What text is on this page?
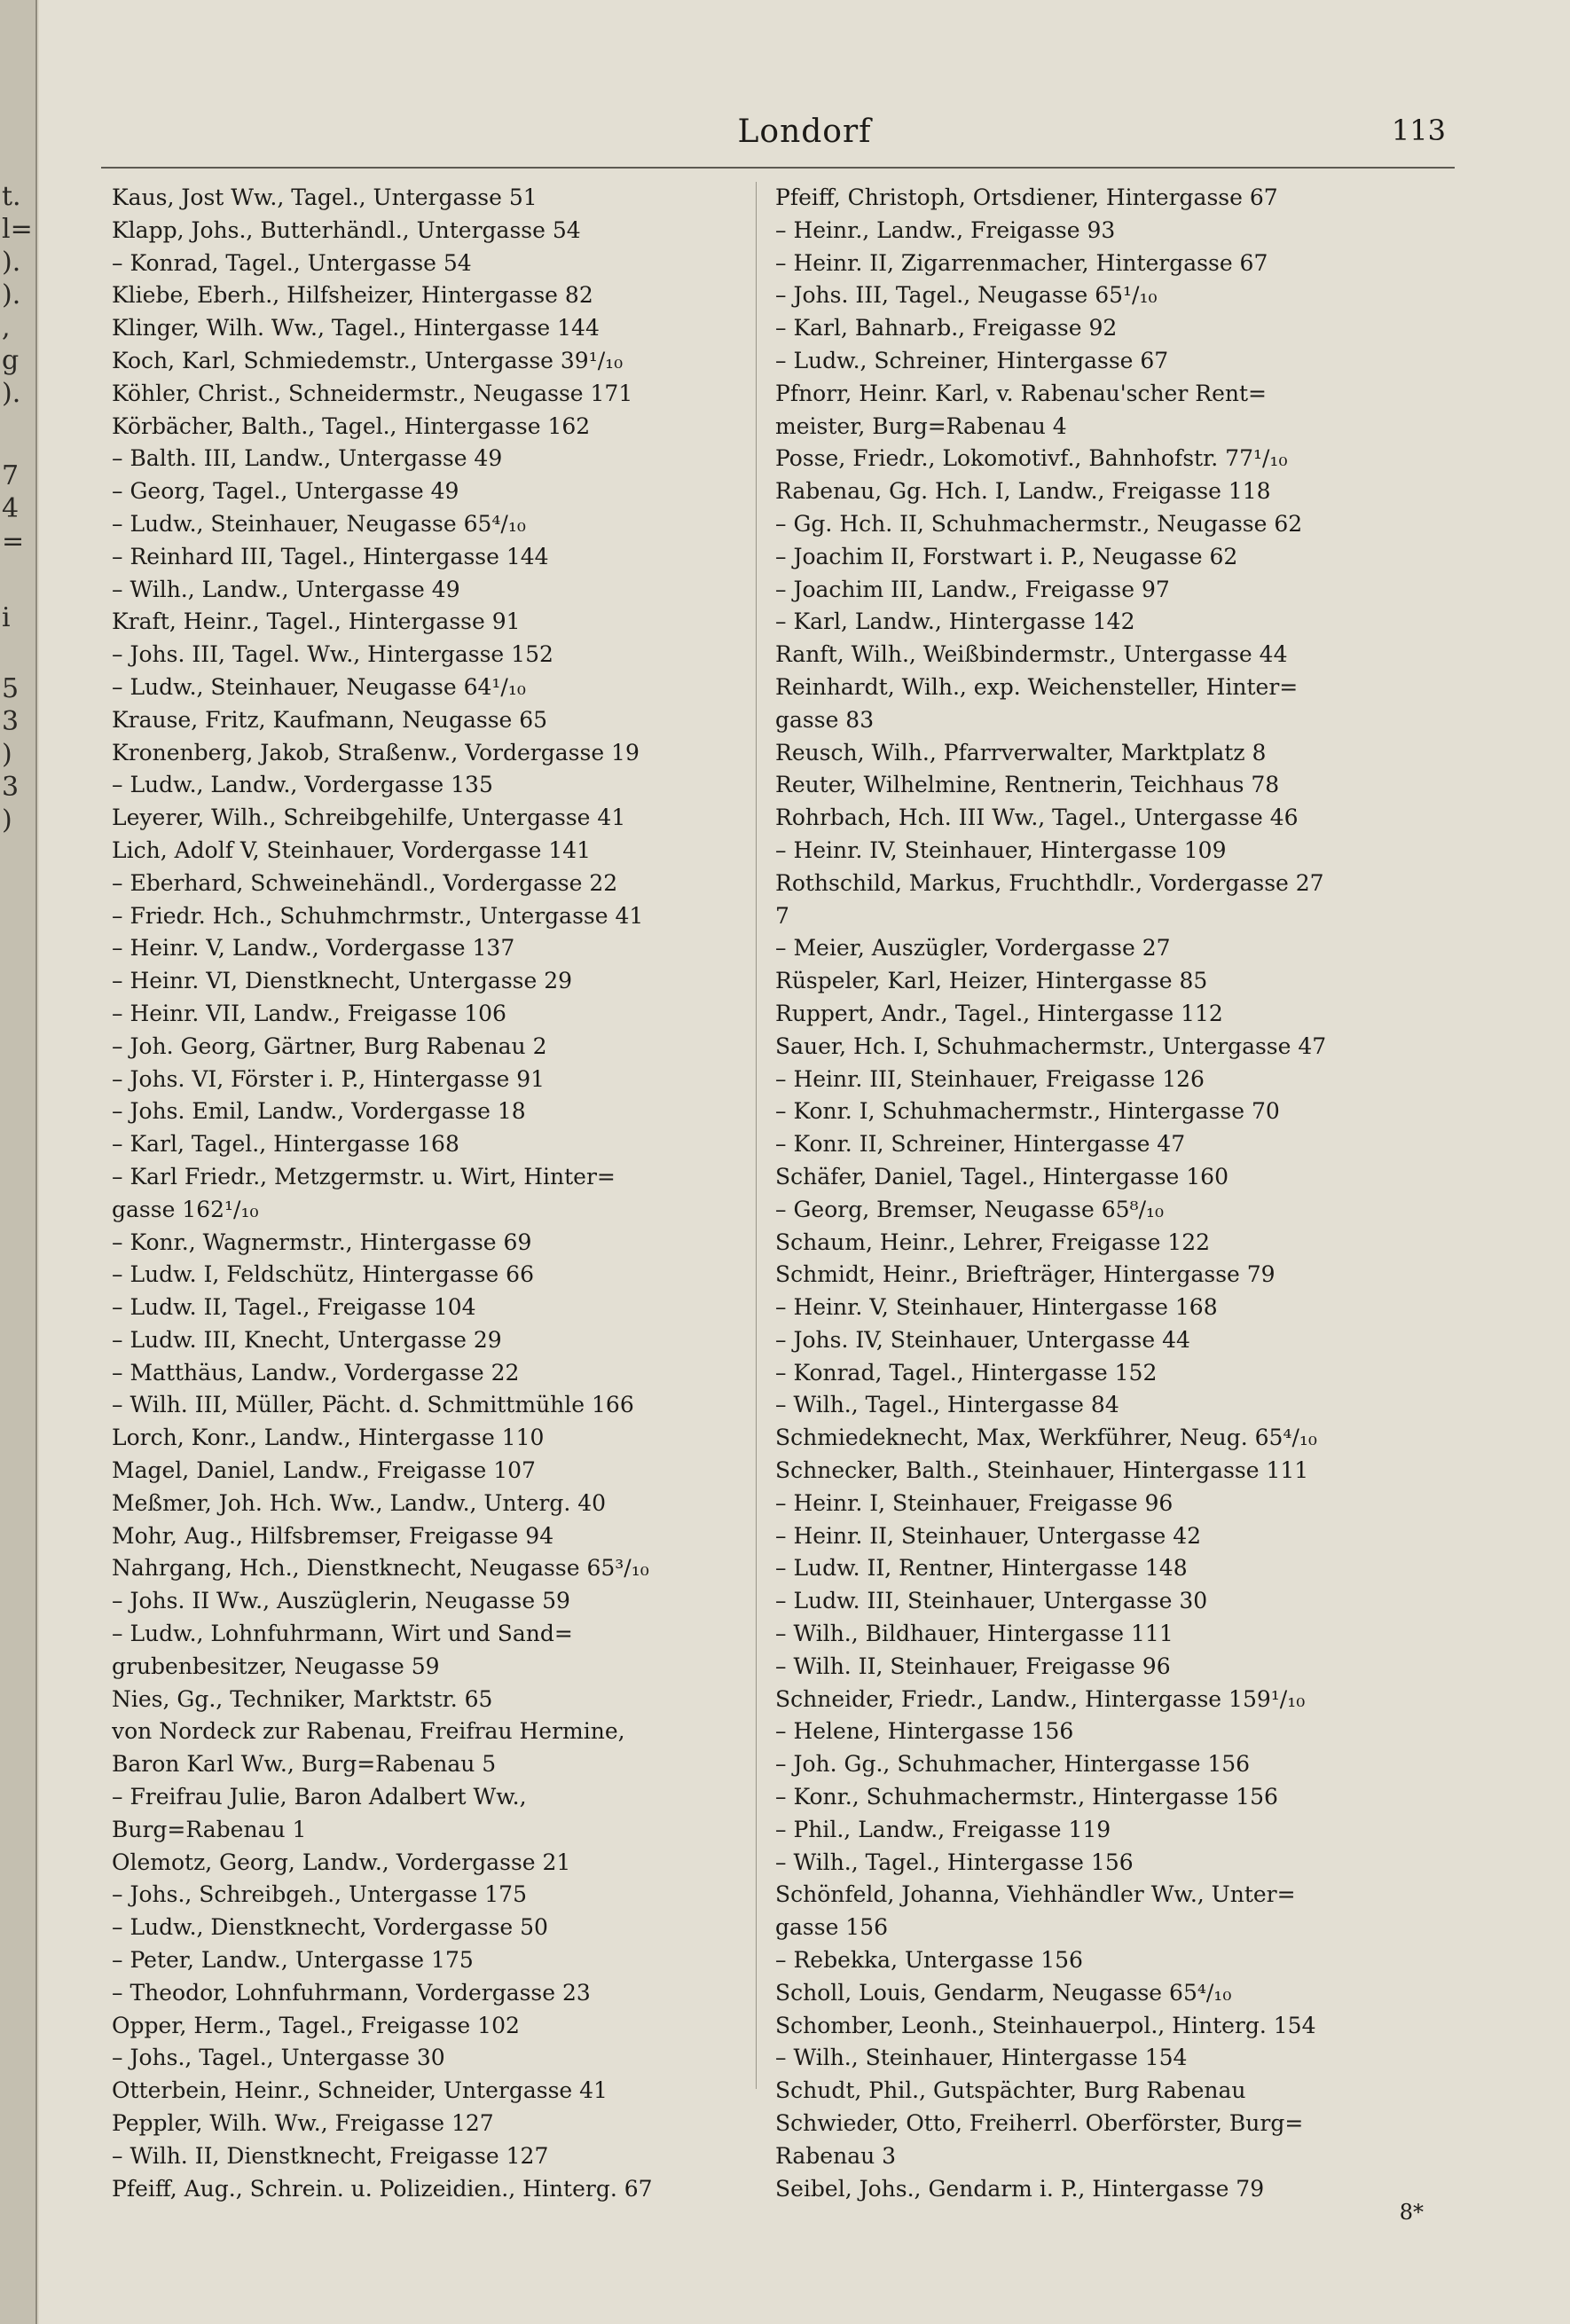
t.
l=
).
).
,
g
).
7
4
=
i
5
3
)
3
)
Londorf	113
Kaus, Jost Ww., Tagel., Untergasse 51
Klapp, Johs., Butterhändl., Untergasse 54
– Konrad, Tagel., Untergasse 54
Kliebe, Eberh., Hilfsheizer, Hintergasse 82
Klinger, Wilh. Ww., Tagel., Hintergasse 144
Koch, Karl, Schmiedemstr., Untergasse 39¹/₁₀
Köhler, Christ., Schneidermstr., Neugasse 171
Körbächer, Balth., Tagel., Hintergasse 162
– Balth. III, Landw., Untergasse 49
– Georg, Tagel., Untergasse 49
– Ludw., Steinhauer, Neugasse 65⁴/₁₀
– Reinhard III, Tagel., Hintergasse 144
– Wilh., Landw., Untergasse 49
Kraft, Heinr., Tagel., Hintergasse 91
– Johs. III, Tagel. Ww., Hintergasse 152
– Ludw., Steinhauer, Neugasse 64¹/₁₀
Krause, Fritz, Kaufmann, Neugasse 65
Kronenberg, Jakob, Straßenw., Vordergasse 19
– Ludw., Landw., Vordergasse 135
Leyerer, Wilh., Schreibgehilfe, Untergasse 41
Lich, Adolf V, Steinhauer, Vordergasse 141
– Eberhard, Schweinehändl., Vordergasse 22
– Friedr. Hch., Schuhmchrmstr., Untergasse 41
– Heinr. V, Landw., Vordergasse 137
– Heinr. VI, Dienstknecht, Untergasse 29
– Heinr. VII, Landw., Freigasse 106
– Joh. Georg, Gärtner, Burg Rabenau 2
– Johs. VI, Förster i. P., Hintergasse 91
– Johs. Emil, Landw., Vordergasse 18
– Karl, Tagel., Hintergasse 168
– Karl Friedr., Metzgermstr. u. Wirt, Hinter=
gasse 162¹/₁₀
– Konr., Wagnermstr., Hintergasse 69
– Ludw. I, Feldschütz, Hintergasse 66
– Ludw. II, Tagel., Freigasse 104
– Ludw. III, Knecht, Untergasse 29
– Matthäus, Landw., Vordergasse 22
– Wilh. III, Müller, Pächt. d. Schmittmühle 166
Lorch, Konr., Landw., Hintergasse 110
Magel, Daniel, Landw., Freigasse 107
Meßmer, Joh. Hch. Ww., Landw., Unterg. 40
Mohr, Aug., Hilfsbremser, Freigasse 94
Nahrgang, Hch., Dienstknecht, Neugasse 65³/₁₀
– Johs. II Ww., Auszüglerin, Neugasse 59
– Ludw., Lohnfuhrmann, Wirt und Sand=
grubenbesitzer, Neugasse 59
Nies, Gg., Techniker, Marktstr. 65
von Nordeck zur Rabenau, Freifrau Hermine,
Baron Karl Ww., Burg=Rabenau 5
– Freifrau Julie, Baron Adalbert Ww.,
Burg=Rabenau 1
Olemotz, Georg, Landw., Vordergasse 21
– Johs., Schreibgeh., Untergasse 175
– Ludw., Dienstknecht, Vordergasse 50
– Peter, Landw., Untergasse 175
– Theodor, Lohnfuhrmann, Vordergasse 23
Opper, Herm., Tagel., Freigasse 102
– Johs., Tagel., Untergasse 30
Otterbein, Heinr., Schneider, Untergasse 41
Peppler, Wilh. Ww., Freigasse 127
– Wilh. II, Dienstknecht, Freigasse 127
Pfeiff, Aug., Schrein. u. Polizeidien., Hinterg. 67
Pfeiff, Christoph, Ortsdiener, Hintergasse 67
– Heinr., Landw., Freigasse 93
– Heinr. II, Zigarrenmacher, Hintergasse 67
– Johs. III, Tagel., Neugasse 65¹/₁₀
– Karl, Bahnarb., Freigasse 92
– Ludw., Schreiner, Hintergasse 67
Pfnorr, Heinr. Karl, v. Rabenau'scher Rent=
meister, Burg=Rabenau 4
Posse, Friedr., Lokomotivf., Bahnhofstr. 77¹/₁₀
Rabenau, Gg. Hch. I, Landw., Freigasse 118
– Gg. Hch. II, Schuhmachermstr., Neugasse 62
– Joachim II, Forstwart i. P., Neugasse 62
– Joachim III, Landw., Freigasse 97
– Karl, Landw., Hintergasse 142
Ranft, Wilh., Weißbindermstr., Untergasse 44
Reinhardt, Wilh., exp. Weichensteller, Hinter=
gasse 83
Reusch, Wilh., Pfarrverwalter, Marktplatz 8
Reuter, Wilhelmine, Rentnerin, Teichhaus 78
Rohrbach, Hch. III Ww., Tagel., Untergasse 46
– Heinr. IV, Steinhauer, Hintergasse 109
Rothschild, Markus, Fruchthdlr., Vordergasse 27
7
– Meier, Auszügler, Vordergasse 27
Rüspeler, Karl, Heizer, Hintergasse 85
Ruppert, Andr., Tagel., Hintergasse 112
Sauer, Hch. I, Schuhmachermstr., Untergasse 47
– Heinr. III, Steinhauer, Freigasse 126
– Konr. I, Schuhmachermstr., Hintergasse 70
– Konr. II, Schreiner, Hintergasse 47
Schäfer, Daniel, Tagel., Hintergasse 160
– Georg, Bremser, Neugasse 65⁸/₁₀
Schaum, Heinr., Lehrer, Freigasse 122
Schmidt, Heinr., Briefträger, Hintergasse 79
– Heinr. V, Steinhauer, Hintergasse 168
– Johs. IV, Steinhauer, Untergasse 44
– Konrad, Tagel., Hintergasse 152
– Wilh., Tagel., Hintergasse 84
Schmiedeknecht, Max, Werkführer, Neug. 65⁴/₁₀
Schnecker, Balth., Steinhauer, Hintergasse 111
– Heinr. I, Steinhauer, Freigasse 96
– Heinr. II, Steinhauer, Untergasse 42
– Ludw. II, Rentner, Hintergasse 148
– Ludw. III, Steinhauer, Untergasse 30
– Wilh., Bildhauer, Hintergasse 111
– Wilh. II, Steinhauer, Freigasse 96
Schneider, Friedr., Landw., Hintergasse 159¹/₁₀
– Helene, Hintergasse 156
– Joh. Gg., Schuhmacher, Hintergasse 156
– Konr., Schuhmachermstr., Hintergasse 156
– Phil., Landw., Freigasse 119
– Wilh., Tagel., Hintergasse 156
Schönfeld, Johanna, Viehhändler Ww., Unter=
gasse 156
– Rebekka, Untergasse 156
Scholl, Louis, Gendarm, Neugasse 65⁴/₁₀
Schomber, Leonh., Steinhauerpol., Hinterg. 154
– Wilh., Steinhauer, Hintergasse 154
Schudt, Phil., Gutspächter, Burg Rabenau
Schwieder, Otto, Freiherrl. Oberförster, Burg=
Rabenau 3
Seibel, Johs., Gendarm i. P., Hintergasse 79
8*
